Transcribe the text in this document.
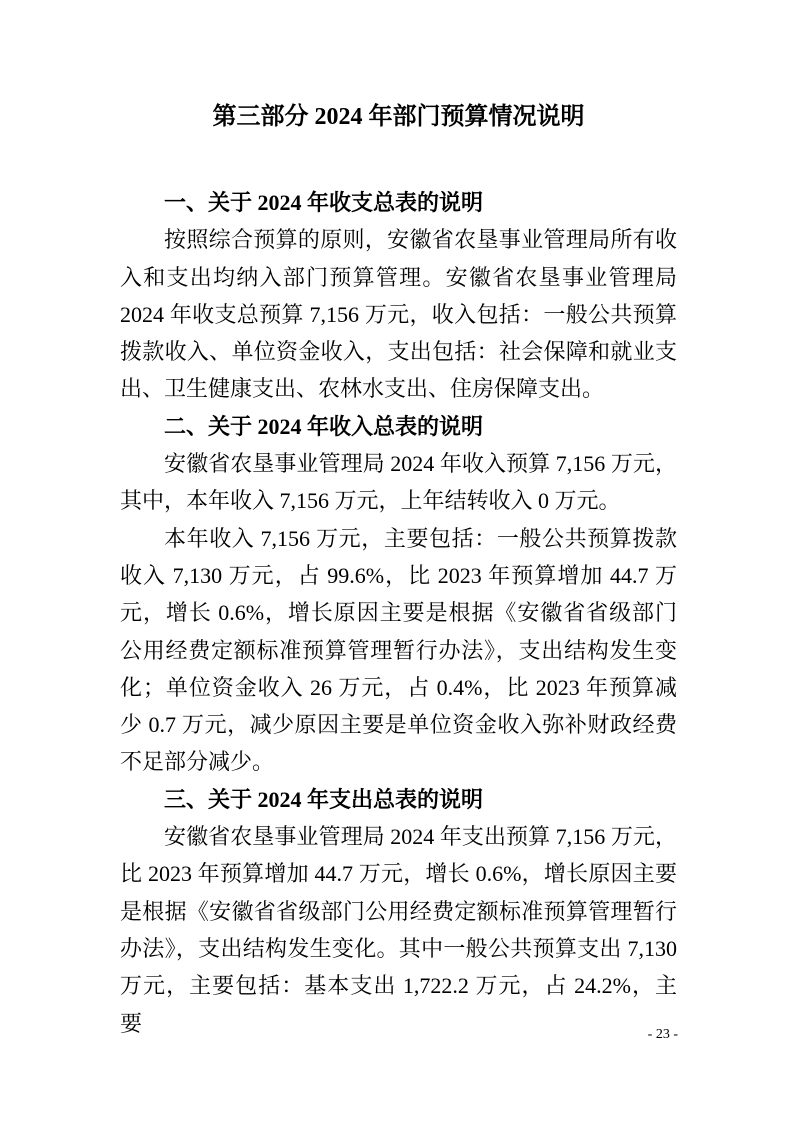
第三部分 2024 年部门预算情况说明
一、关于 2024 年收支总表的说明

按照综合预算的原则，安徽省农垦事业管理局所有收入和支出均纳入部门预算管理。安徽省农垦事业管理局 2024 年收支总预算 7,156 万元，收入包括：一般公共预算拨款收入、单位资金收入，支出包括：社会保障和就业支出、卫生健康支出、农林水支出、住房保障支出。

二、关于 2024 年收入总表的说明

安徽省农垦事业管理局 2024 年收入预算 7,156 万元，其中，本年收入 7,156 万元，上年结转收入 0 万元。

本年收入 7,156 万元，主要包括：一般公共预算拨款收入 7,130 万元，占 99.6%，比 2023 年预算增加 44.7 万元，增长 0.6%，增长原因主要是根据《安徽省省级部门公用经费定额标准预算管理暂行办法》，支出结构发生变化；单位资金收入 26 万元，占 0.4%，比 2023 年预算减少 0.7 万元，减少原因主要是单位资金收入弥补财政经费不足部分减少。

三、关于 2024 年支出总表的说明

安徽省农垦事业管理局 2024 年支出预算 7,156 万元，比 2023 年预算增加 44.7 万元，增长 0.6%，增长原因主要是根据《安徽省省级部门公用经费定额标准预算管理暂行办法》，支出结构发生变化。其中一般公共预算支出 7,130 万元，主要包括：基本支出 1,722.2 万元，占 24.2%，主要	- 23 -
